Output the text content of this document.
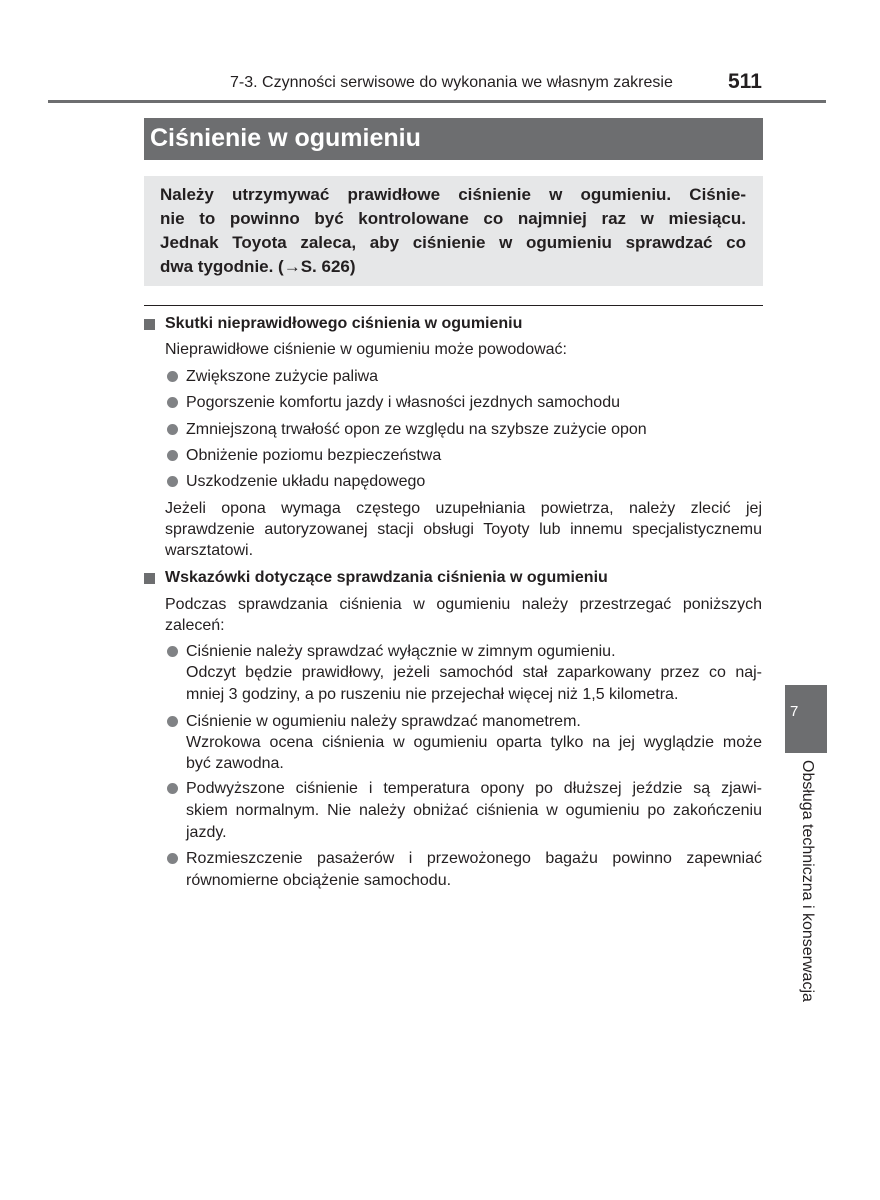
7-3. Czynności serwisowe do wykonania we własnym zakresie	511
Ciśnienie w ogumieniu
Należy utrzymywać prawidłowe ciśnienie w ogumieniu. Ciśnie-
nie to powinno być kontrolowane co najmniej raz w miesiącu.
Jednak Toyota zaleca, aby ciśnienie w ogumieniu sprawdzać co
dwa tygodnie. (→S. 626)
Skutki nieprawidłowego ciśnienia w ogumieniu
Nieprawidłowe ciśnienie w ogumieniu może powodować:
Zwiększone zużycie paliwa
Pogorszenie komfortu jazdy i własności jezdnych samochodu
Zmniejszoną trwałość opon ze względu na szybsze zużycie opon
Obniżenie poziomu bezpieczeństwa
Uszkodzenie układu napędowego
Jeżeli opona wymaga częstego uzupełniania powietrza, należy zlecić jej
sprawdzenie autoryzowanej stacji obsługi Toyoty lub innemu specjalistycznemu
warsztatowi.
Wskazówki dotyczące sprawdzania ciśnienia w ogumieniu
Podczas sprawdzania ciśnienia w ogumieniu należy przestrzegać poniższych
zaleceń:
Ciśnienie należy sprawdzać wyłącznie w zimnym ogumieniu.
Odczyt będzie prawidłowy, jeżeli samochód stał zaparkowany przez co naj-
mniej 3 godziny, a po ruszeniu nie przejechał więcej niż 1,5 kilometra.
Ciśnienie w ogumieniu należy sprawdzać manometrem.
Wzrokowa ocena ciśnienia w ogumieniu oparta tylko na jej wyglądzie może
być zawodna.
Podwyższone ciśnienie i temperatura opony po dłuższej jeździe są zjawi-
skiem normalnym. Nie należy obniżać ciśnienia w ogumieniu po zakończeniu
jazdy.
Rozmieszczenie pasażerów i przewożonego bagażu powinno zapewniać
równomierne obciążenie samochodu.
7
Obsługa techniczna i konserwacja
